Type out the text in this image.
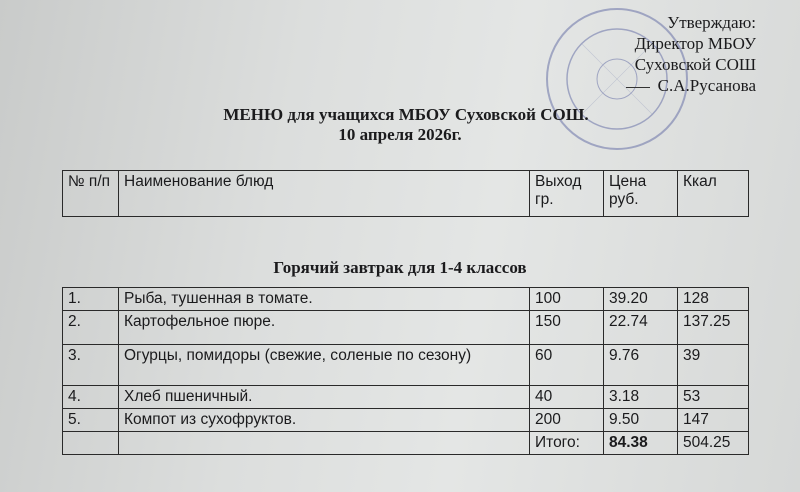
Утверждаю:
Директор МБОУ
Суховской СОШ
С.А.Русанова
МЕНЮ для учащихся МБОУ Суховской СОШ.
10 апреля 2026г.
№ п/п	Наименование блюд	Выход гр.	Цена руб.	Ккал
Горячий завтрак для 1-4 классов
1.	Рыба, тушенная в томате.	100	39.20	128
2.	Картофельное пюре.	150	22.74	137.25
3.	Огурцы, помидоры (свежие, соленые по сезону)	60	9.76	39
4.	Хлеб пшеничный.	40	3.18	53
5.	Компот из сухофруктов.	200	9.50	147
		Итого:	84.38	504.25
